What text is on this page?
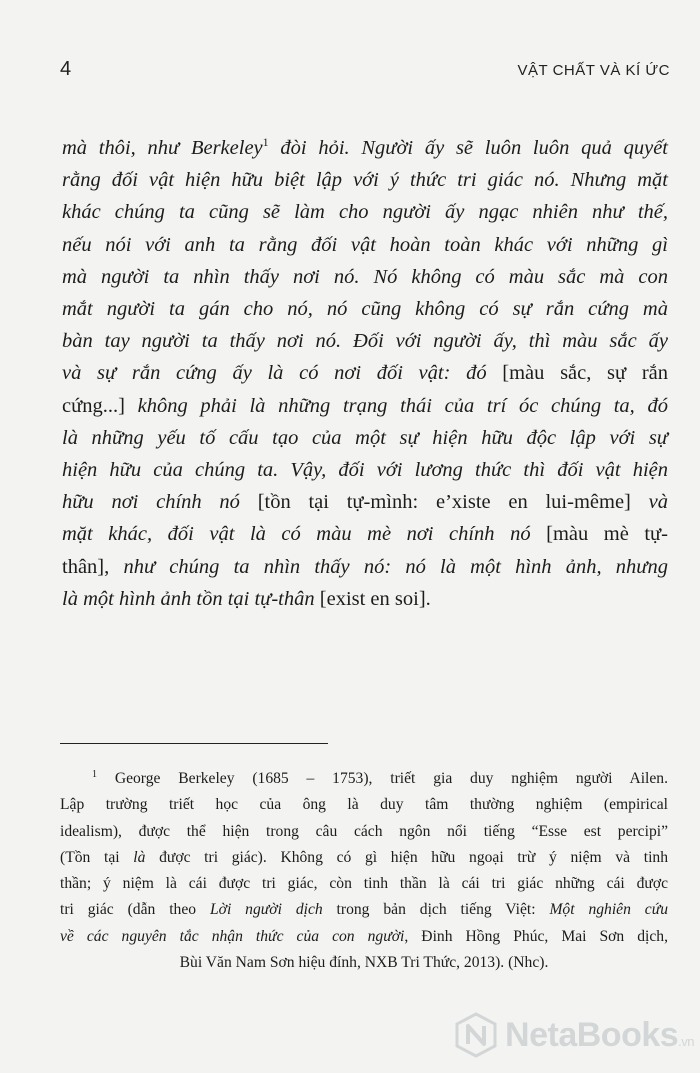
4	VẬT CHẤT VÀ KÍ ỨC
mà thôi, như Berkeley$^1$ đòi hỏi. Người ấy sẽ luôn luôn quả quyết
rằng đối vật hiện hữu biệt lập với ý thức tri giác nó. Nhưng mặt
khác chúng ta cũng sẽ làm cho người ấy ngạc nhiên như thế,
nếu nói với anh ta rằng đối vật hoàn toàn khác với những gì
mà người ta nhìn thấy nơi nó. Nó không có màu sắc mà con
mắt người ta gán cho nó, nó cũng không có sự rắn cứng mà
bàn tay người ta thấy nơi nó. Đối với người ấy, thì màu sắc ấy
và sự rắn cứng ấy là có nơi đối vật: đó [màu sắc, sự rắn
cứng...] không phải là những trạng thái của trí óc chúng ta, đó
là những yếu tố cấu tạo của một sự hiện hữu độc lập với sự
hiện hữu của chúng ta. Vậy, đối với lương thức thì đối vật hiện
hữu nơi chính nó [tồn tại tự-mình: e’xiste en lui-même] và
mặt khác, đối vật là có màu mè nơi chính nó [màu mè tự-
thân], như chúng ta nhìn thấy nó: nó là một hình ảnh, nhưng
là một hình ảnh tồn tại tự-thân [exist en soi].
$^1$ George Berkeley (1685 – 1753), triết gia duy nghiệm người Ailen.
Lập trường triết học của ông là duy tâm thường nghiệm (empirical
idealism), được thể hiện trong câu cách ngôn nổi tiếng “Esse est percipi”
(Tồn tại là được tri giác). Không có gì hiện hữu ngoại trừ ý niệm và tinh
thần; ý niệm là cái được tri giác, còn tinh thần là cái tri giác những cái được
tri giác (dẫn theo Lời người dịch trong bản dịch tiếng Việt: Một nghiên cứu
về các nguyên tắc nhận thức của con người, Đinh Hồng Phúc, Mai Sơn dịch,
Bùi Văn Nam Sơn hiệu đính, NXB Tri Thức, 2013). (Nhc).
NetaBooks.vn
